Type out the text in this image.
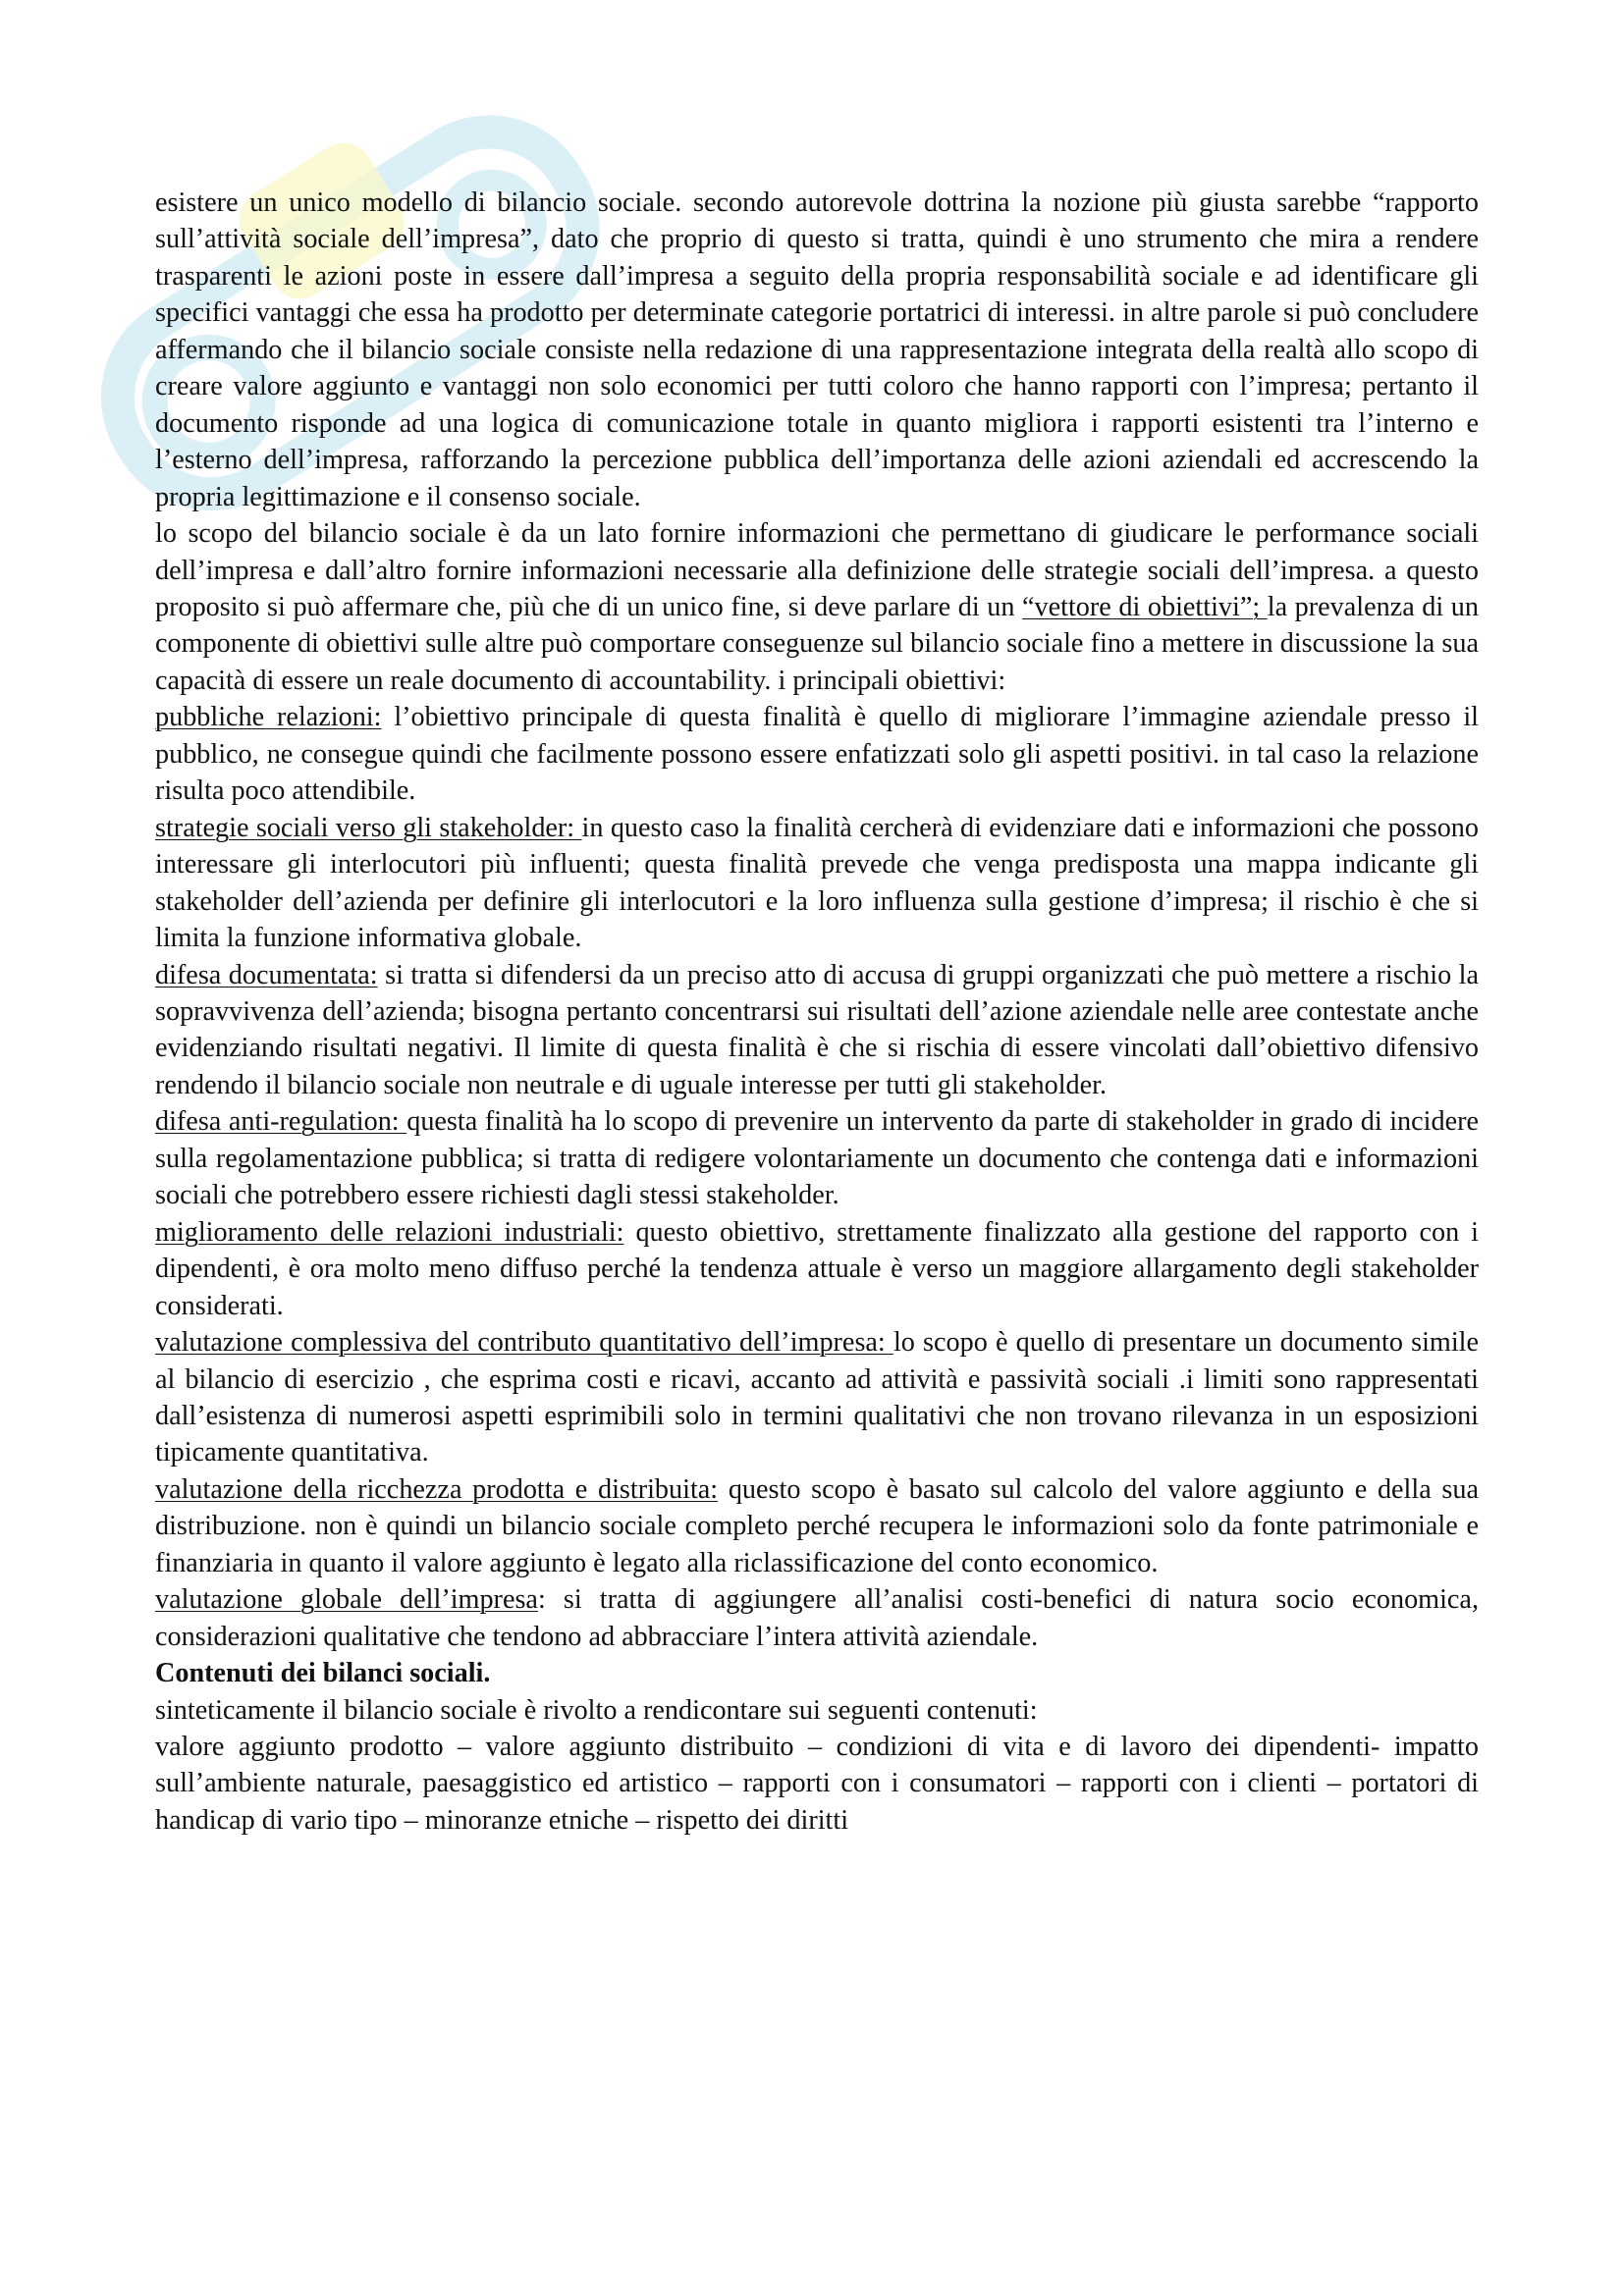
esistere un unico modello di bilancio sociale. secondo autorevole dottrina la nozione più giusta sarebbe “rapporto sull’attività sociale dell’impresa”, dato che proprio di questo si tratta, quindi è uno strumento che mira a rendere trasparenti le azioni poste in essere dall’impresa a seguito della propria responsabilità sociale e ad identificare gli specifici vantaggi che essa ha prodotto per determinate categorie portatrici di interessi. in altre parole si può concludere affermando che il bilancio sociale consiste nella redazione di una rappresentazione integrata della realtà allo scopo di creare valore aggiunto e vantaggi non solo economici per tutti coloro che hanno rapporti con l’impresa; pertanto il documento risponde ad una logica di comunicazione totale in quanto migliora i rapporti esistenti tra l’interno e l’esterno dell’impresa, rafforzando la percezione pubblica dell’importanza delle azioni aziendali ed accrescendo la propria legittimazione e il consenso sociale.

lo scopo del bilancio sociale è da un lato fornire informazioni che permettano di giudicare le performance sociali dell’impresa e dall’altro fornire informazioni necessarie alla definizione delle strategie sociali dell’impresa. a questo proposito si può affermare che, più che di un unico fine, si deve parlare di un “vettore di obiettivi”; la prevalenza di un componente di obiettivi sulle altre può comportare conseguenze sul bilancio sociale fino a mettere in discussione la sua capacità di essere un reale documento di accountability. i principali obiettivi:

pubbliche relazioni: l’obiettivo principale di questa finalità è quello di migliorare l’immagine aziendale presso il pubblico, ne consegue quindi che facilmente possono essere enfatizzati solo gli aspetti positivi. in tal caso la relazione risulta poco attendibile.

strategie sociali verso gli stakeholder: in questo caso la finalità cercherà di evidenziare dati e informazioni che possono interessare gli interlocutori più influenti; questa finalità prevede che venga predisposta una mappa indicante gli stakeholder dell’azienda per definire gli interlocutori e la loro influenza sulla gestione d’impresa; il rischio è che si limita la funzione informativa globale.

difesa documentata: si tratta si difendersi da un preciso atto di accusa di gruppi organizzati che può mettere a rischio la sopravvivenza dell’azienda; bisogna pertanto concentrarsi sui risultati dell’azione aziendale nelle aree contestate anche evidenziando risultati negativi. Il limite di questa finalità è che si rischia di essere vincolati dall’obiettivo difensivo rendendo il bilancio sociale non neutrale e di uguale interesse per tutti gli stakeholder.

difesa anti-regulation: questa finalità ha lo scopo di prevenire un intervento da parte di stakeholder in grado di incidere sulla regolamentazione pubblica; si tratta di redigere volontariamente un documento che contenga dati e informazioni sociali che potrebbero essere richiesti dagli stessi stakeholder.

miglioramento delle relazioni industriali: questo obiettivo, strettamente finalizzato alla gestione del rapporto con i dipendenti, è ora molto meno diffuso perché la tendenza attuale è verso un maggiore allargamento degli stakeholder considerati.

valutazione complessiva del contributo quantitativo dell’impresa: lo scopo è quello di presentare un documento simile al bilancio di esercizio , che esprima costi e ricavi, accanto ad attività e passività sociali .i limiti sono rappresentati dall’esistenza di numerosi aspetti esprimibili solo in termini qualitativi che non trovano rilevanza in un esposizioni tipicamente quantitativa.

valutazione della ricchezza prodotta e distribuita: questo scopo è basato sul calcolo del valore aggiunto e della sua distribuzione. non è quindi un bilancio sociale completo perché recupera le informazioni solo da fonte patrimoniale e finanziaria in quanto il valore aggiunto è legato alla riclassificazione del conto economico.

valutazione globale dell’impresa: si tratta di aggiungere all’analisi costi-benefici di natura socio economica, considerazioni qualitative che tendono ad abbracciare l’intera attività aziendale.

Contenuti dei bilanci sociali.

sinteticamente il bilancio sociale è rivolto a rendicontare sui seguenti contenuti:

valore aggiunto prodotto – valore aggiunto distribuito – condizioni di vita e di lavoro dei dipendenti- impatto sull’ambiente naturale, paesaggistico ed artistico – rapporti con i consumatori – rapporti con i clienti – portatori di handicap di vario tipo – minoranze etniche – rispetto dei diritti
